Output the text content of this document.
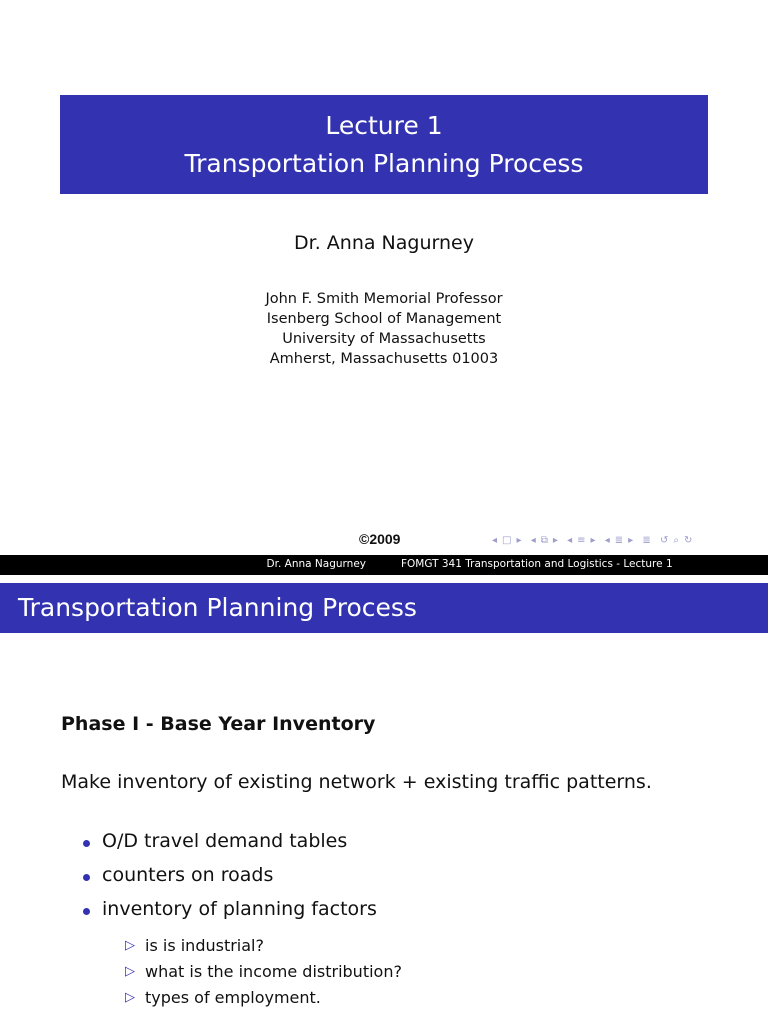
Lecture 1
Transportation Planning Process
Dr. Anna Nagurney
John F. Smith Memorial Professor
Isenberg School of Management
University of Massachusetts
Amherst, Massachusetts 01003
©2009	◂ □ ▸ ◂ ⧉ ▸ ◂ ≡ ▸ ◂ ≣ ▸ ≣ ↺ ⌕ ↻
Dr. Anna Nagurney	FOMGT 341 Transportation and Logistics - Lecture 1
Transportation Planning Process
Phase I - Base Year Inventory
Make inventory of existing network + existing traffic patterns.
O/D travel demand tables
counters on roads
inventory of planning factors
▷ is is industrial?
▷ what is the income distribution?
▷ types of employment.
